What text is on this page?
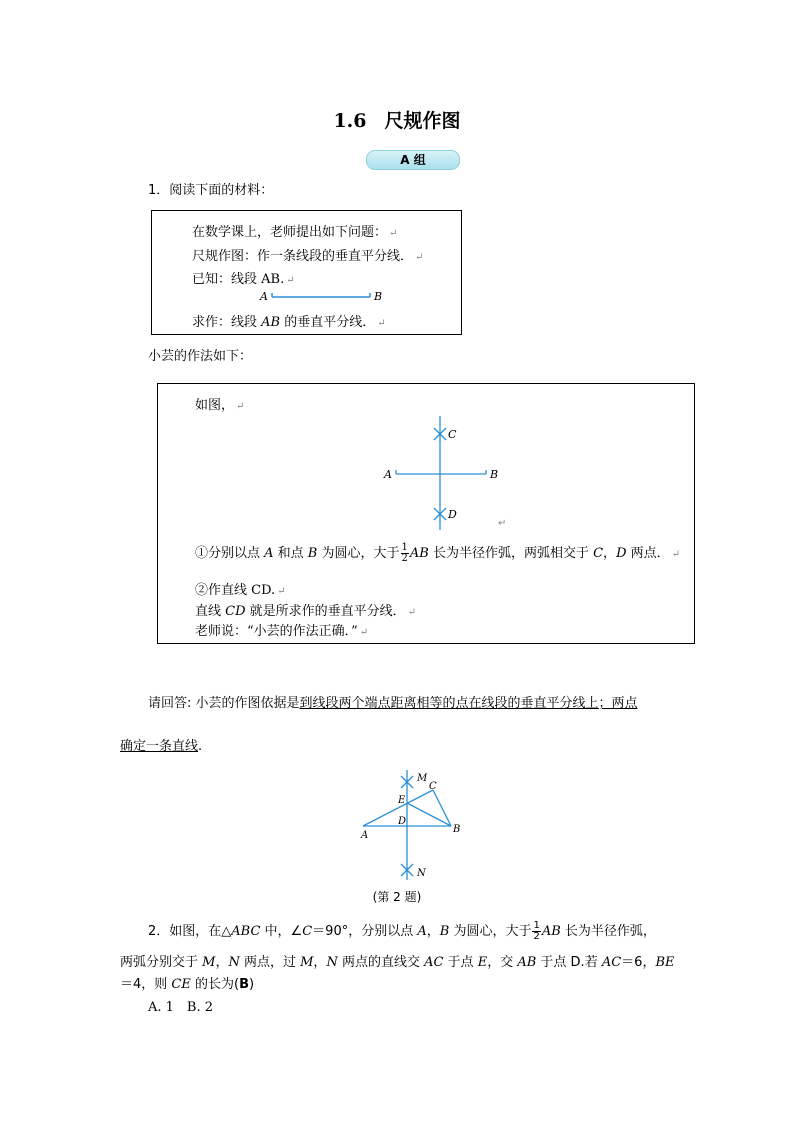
1.6 尺规作图
A 组
1．阅读下面的材料：
在数学课上，老师提出如下问题： ↵
尺规作图：作一条线段的垂直平分线． ↵
已知：线段 AB. ↵
A	B
求作：线段 AB 的垂直平分线． ↵
小芸的作法如下：
如图， ↵
C
D
A	B
↵
①分别以点 A 和点 B 为圆心，大于 $\frac{1}{2}$ AB 长为半径作弧，两弧相交于 C，D 两点． ↵
②作直线 CD. ↵
直线 CD 就是所求作的垂直平分线． ↵
老师说：“小芸的作法正确．” ↵
请回答: 小芸的作图依据是到线段两个端点距离相等的点在线段的垂直平分线上；两点
确定一条直线.
M
C
E
D
A
B
N
(第 2 题)
2．如图，在△ABC 中，∠C＝90°，分别以点 A，B 为圆心，大于 $\frac{1}{2}$ AB 长为半径作弧，
两弧分别交于 M，N 两点，过 M，N 两点的直线交 AC 于点 E，交 AB 于点 D.若 AC＝6，BE
＝4，则 CE 的长为(B)
A. 1　B. 2
